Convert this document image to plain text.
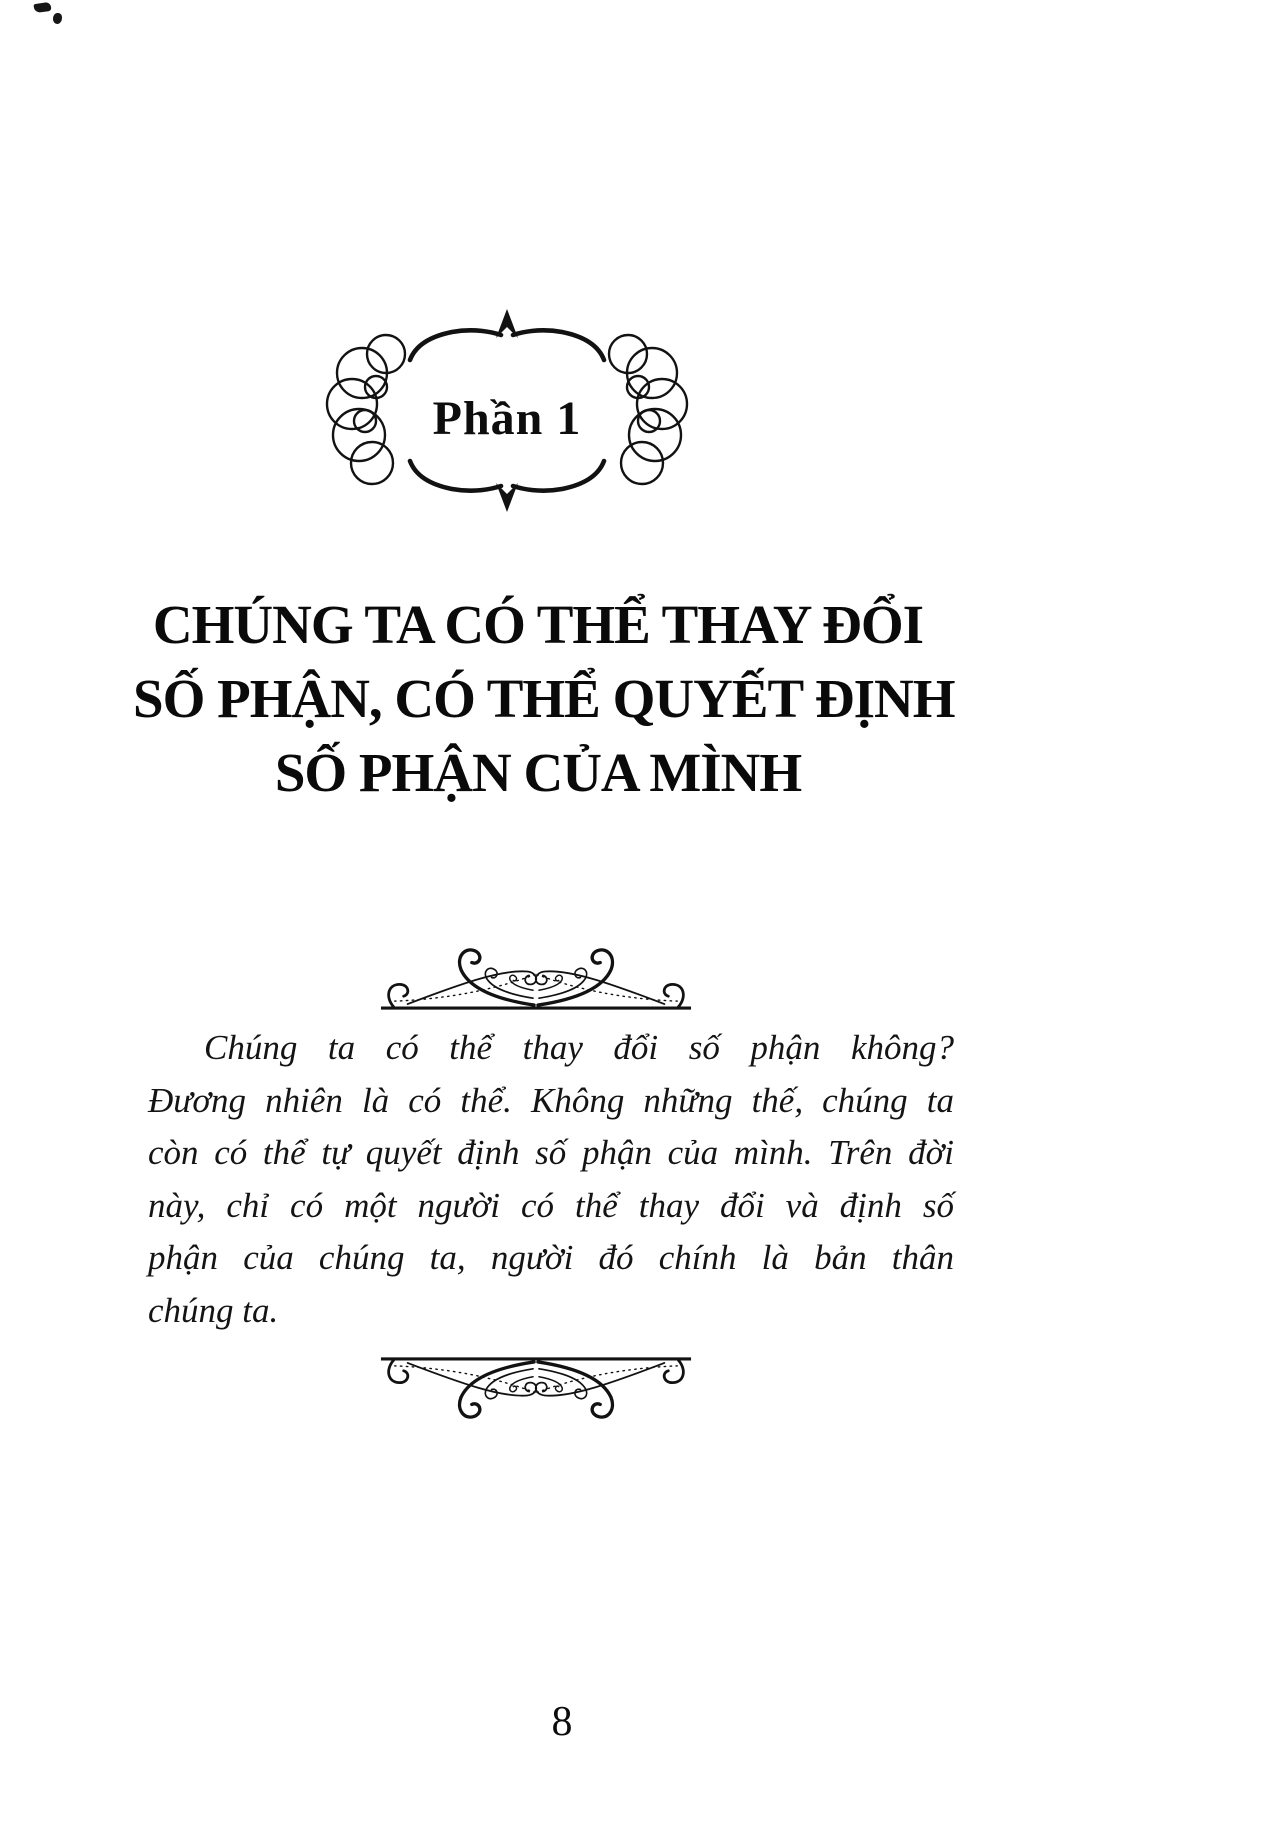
Phần 1
CHÚNG TA CÓ THỂ THAY ĐỔI
SỐ PHẬN, CÓ THỂ QUYẾT ĐỊNH
SỐ PHẬN CỦA MÌNH
Chúng ta có thể thay đổi số phận không?
Đương nhiên là có thể. Không những thế, chúng ta
còn có thể tự quyết định số phận của mình. Trên đời
này, chỉ có một người có thể thay đổi và định số
phận của chúng ta, người đó chính là bản thân
chúng ta.
8
